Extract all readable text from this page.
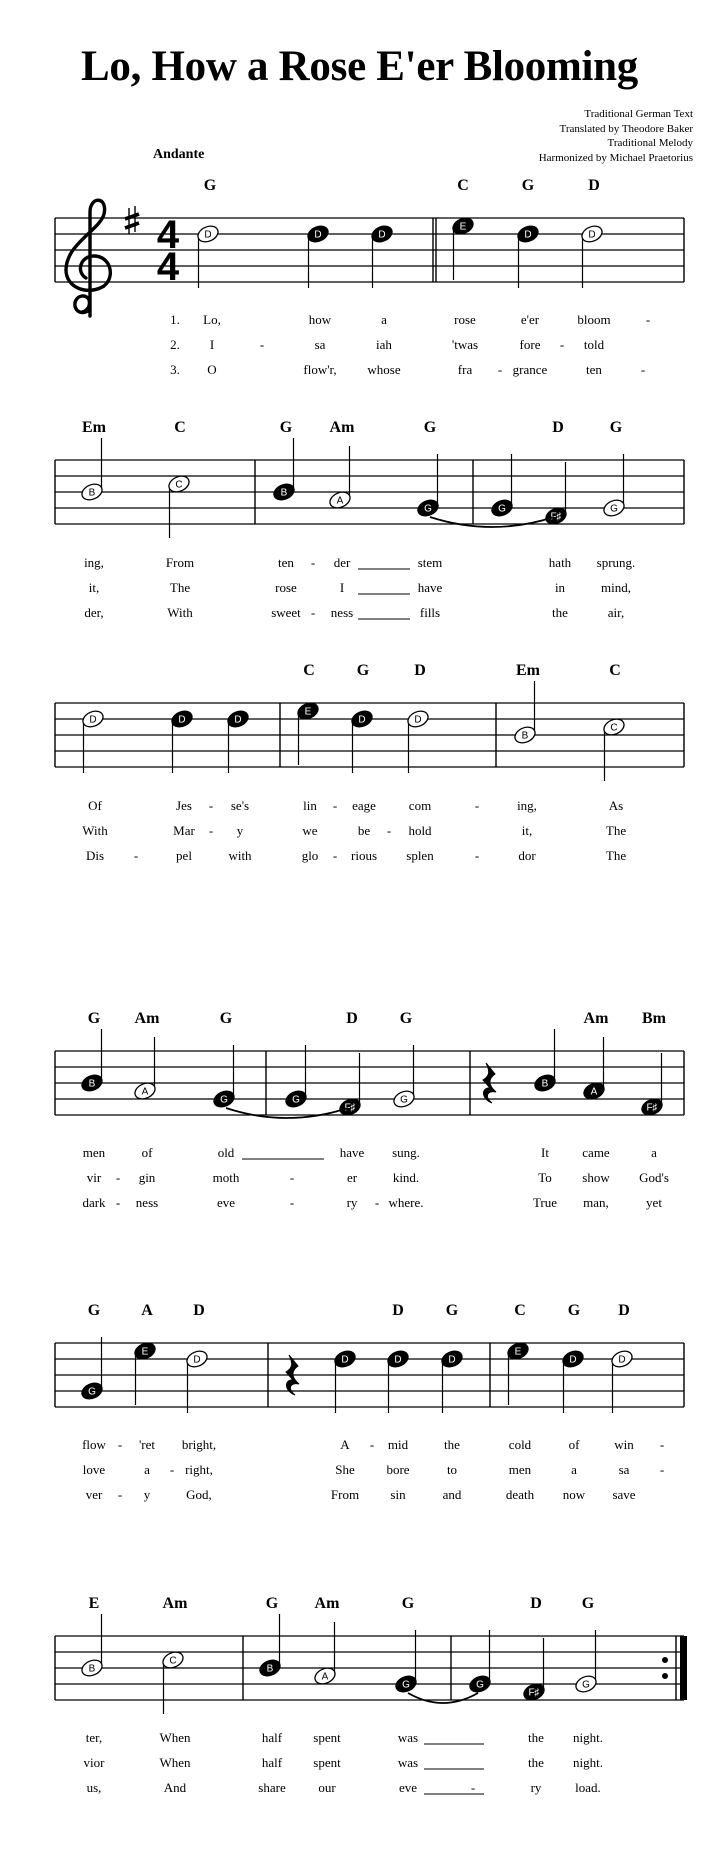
Lo, How a Rose E'er Blooming
Traditional German Text
Translated by Theodore Baker
Traditional Melody
Harmonized by Michael Praetorius
Andante
4
4
G	C	G	D
D	D	D
E
D	D
1. Lo,	how	a	rose	e'er	bloom	-
2. I	-	sa	iah	'twas	fore - told
3. O	flow'r, whose	fra - grance	ten	-
Em	C	G Am	G	D	G
B
C
B
A
G	G
F♯
G
ing,	From	ten - der	stem	hath sprung.
it,	The	rose	I	have	in	mind,
der,	With	sweet - ness	fills	the	air,
C	G	D	Em	C
D	D	D
E
D	D
B
C
Of	Jes - se's	lin - eage	com	-	ing,	As
With	Mar - y	we	be - hold	it,	The
Dis -	pel	with	glo - rious splen	-	dor	The
G Am	G	D	G	Am Bm
B
A
G	G
F♯
G
B
A
F♯
men	of	old	have sung.	It	came	a
vir - gin	moth	-	er	kind.	To show God's
dark - ness	eve	-	ry - where.	True man,	yet
G	A	D	D	G	C	G D
G
E
D	D	D	D
E
D	D
flow - 'ret bright,	A - mid	the	cold	of	win -
love	a - right,	She bore	to	men	a	sa -
ver - y	God,	From sin	and	death now save
E	Am	G Am	G	D G
B
C
B
A
G	G
F♯
G
ter,	When	half spent	was	the night.
vior	When	half spent	was	the night.
us,	And	share	our	eve	-	ry	load.
